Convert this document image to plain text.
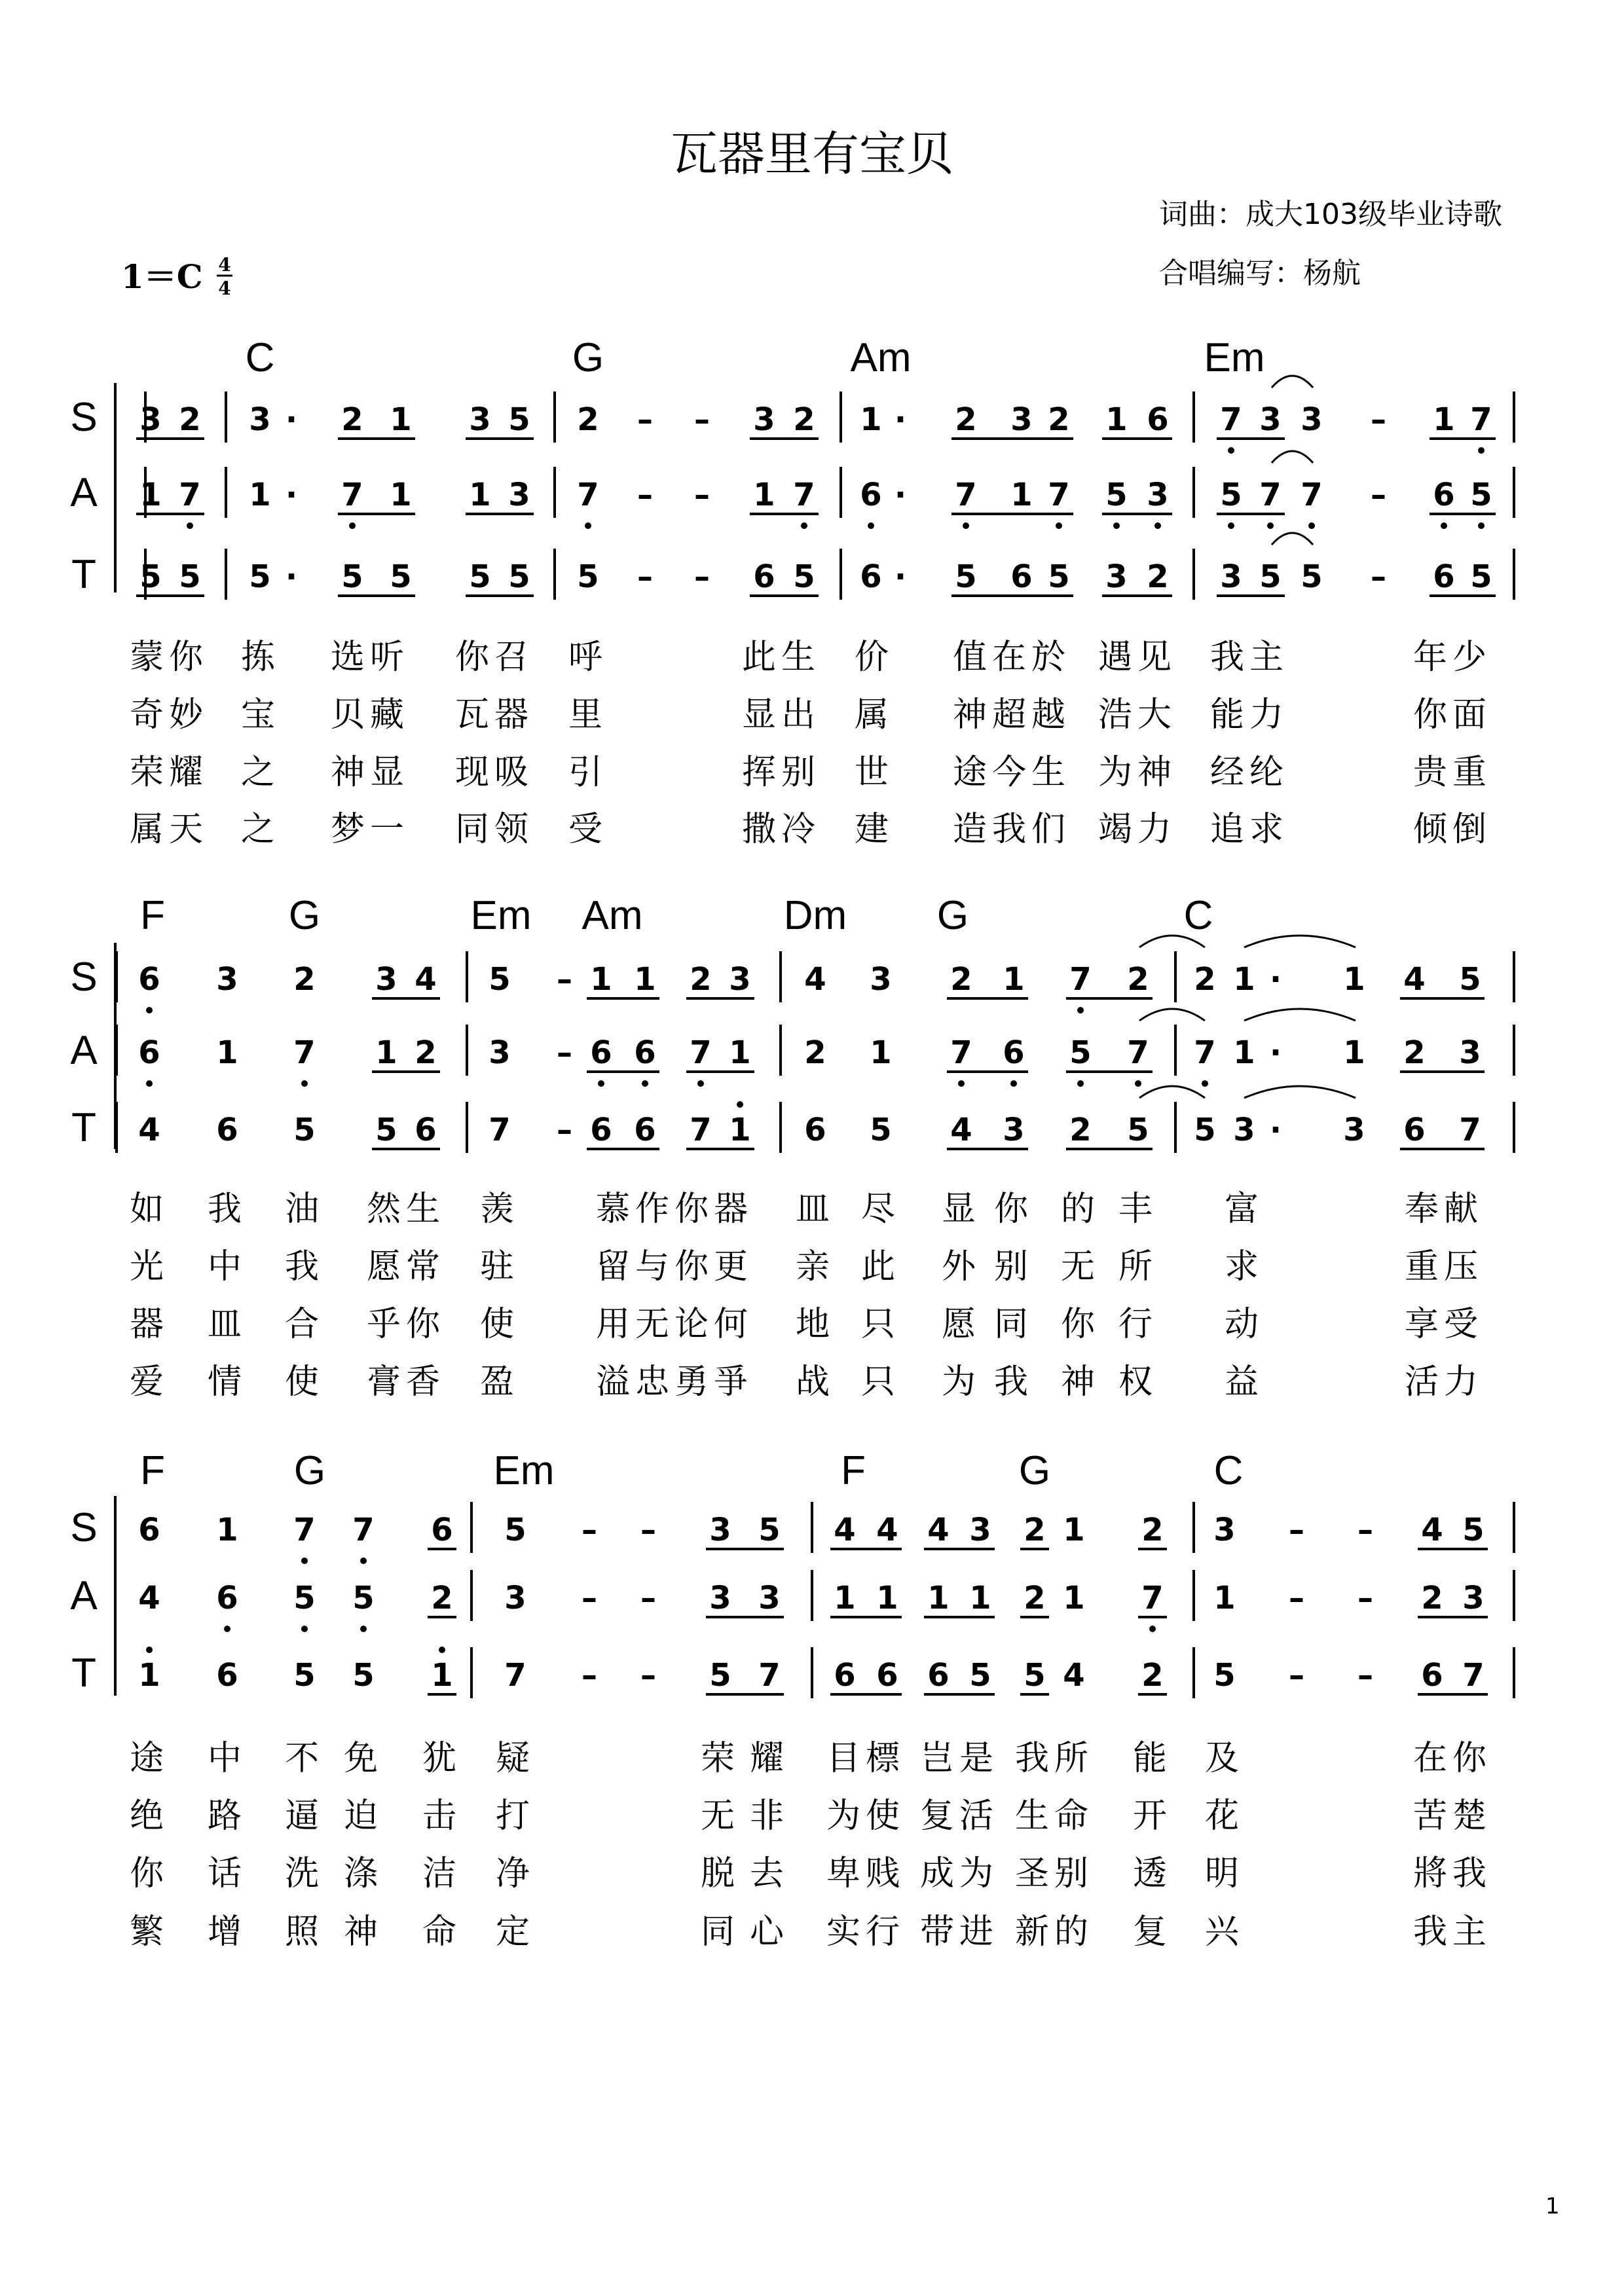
瓦器里有宝贝
词曲：成大103级毕业诗歌
合唱编写：杨航
1＝C 4
4
S
A
T
C	G	Am	Em
3 2 3 · 2 1 3 5 2 – – 3 2 1 · 2 3 2 1 6 7 3 3 – 1 7
1 7 1 · 7 1 1 3 7 – – 1 7 6 · 7 1 7 5 3 5 7 7 – 6 5
5 5 5 · 5 5 5 5 5 – – 6 5 6 · 5 6 5 3 2 3 5 5 – 6 5
蒙你 拣 选听 你召 呼	此生 价 值在於 遇见 我主	年少
奇妙 宝 贝藏 瓦器 里	显出 属 神超越 浩大 能力	你面
荣耀 之 神显 现吸 引	挥别 世 途今生 为神 经纶	贵重
属天 之 梦一 同领 受	撒冷 建 造我们 竭力 追求	倾倒
S
A
T
F	G	Em Am	Dm G	C
6 3 2 3 4 5 – 1 1 2 3 4 3 2 1 7 2 2 1 · 1 4 5
6 1 7 1 2 3 – 6 6 7 1 2 1 7 6 5 7 7 1 · 1 2 3
4 6 5 5 6 7 – 6 6 7 1 6 5 4 3 2 5 5 3 · 3 6 7
如 我 油 然生 羡 慕作你器 皿 尽 显 你 的 丰 富	奉献
光 中 我 愿常 驻 留与你更 亲 此 外 别 无 所 求	重压
器 皿 合 乎你 使 用无论何 地 只 愿 同 你 行 动	享受
爱 情 使 膏香 盈 溢忠勇爭 战 只 为 我 神 权 益	活力
S
A
T
F	G	Em	F	G	C
6 1 7 7 6 5 – – 3 5 4 4 4 3 2 1 2 3 – – 4 5
4 6 5 5 2 3 – – 3 3 1 1 1 1 2 1 7 1 – – 2 3
1 6 5 5 1 7 – – 5 7 6 6 6 5 5 4 2 5 – – 6 7
途 中 不 免 犹 疑	荣 耀 目標 岂是 我所 能 及	在你
绝 路 逼 迫 击 打	无 非 为使 复活 生命 开 花	苦楚
你 话 洗 涤 洁 净	脱 去 卑贱 成为 圣别 透 明	將我
繁 增 照 神 命 定	同 心 实行 带进 新的 复 兴	我主
1
